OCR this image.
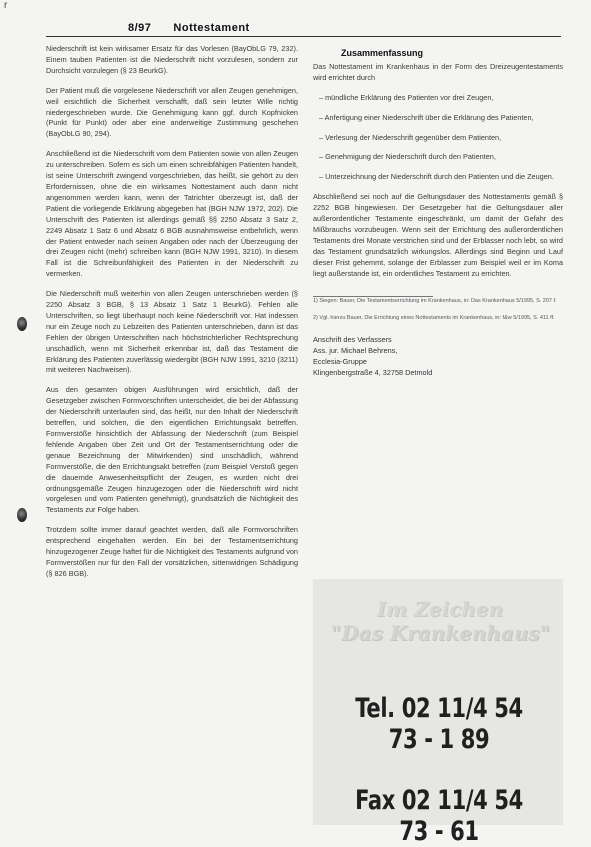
r
8/97 Nottestament

Niederschrift ist kein wirksamer Ersatz für das Vorlesen (BayObLG 79, 232). Einem tauben Patienten ist die Niederschrift nicht vorzulesen, sondern zur Durchsicht vorzulegen (§ 23 BeurkG).

Der Patient muß die vorgelesene Niederschrift vor allen Zeugen genehmigen, weil ersichtlich die Sicherheit verschafft, daß sein letzter Wille richtig niedergeschrieben wurde. Die Genehmigung kann ggf. durch Kopfnicken (Punkt für Punkt) oder aber eine anderweitige Zustimmung geschehen (BayObLG 90, 294).

Anschließend ist die Niederschrift vom dem Patienten sowie von allen Zeugen zu unterschreiben. Sofern es sich um einen schreibfähigen Patienten handelt, ist seine Unterschrift zwingend vorgeschrieben, das heißt, sie gehört zu den Erfordernissen, ohne die ein wirksames Nottestament auch dann nicht angenommen werden kann, wenn der Tatrichter überzeugt ist, daß der Patient die vorliegende Erklärung abgegeben hat (BGH NJW 1972, 202). Die Unterschrift des Patienten ist allerdings gemäß §§ 2250 Absatz 3 Satz 2, 2249 Absatz 1 Satz 6 und Absatz 6 BGB ausnahmsweise entbehrlich, wenn der Patient entweder nach seinen Angaben oder nach der Überzeugung der drei Zeugen nicht (mehr) schreiben kann (BGH NJW 1991, 3210). In diesem Fall ist die Schreibunfähigkeit des Patienten in der Niederschrift zu vermerken.

Die Niederschrift muß weiterhin von allen Zeugen unterschrieben werden (§ 2250 Absatz 3 BGB, § 13 Absatz 1 Satz 1 BeurkG). Fehlen alle Unterschriften, so liegt überhaupt noch keine Niederschrift vor. Hat indessen nur ein Zeuge noch zu Lebzeiten des Patienten unterschrieben, dann ist das Fehlen der übrigen Unterschriften nach höchstrichterlicher Rechtsprechung unschädlich, wenn mit Sicherheit erkennbar ist, daß das Testament die Erklärung des Patienten zuverlässig wiedergibt (BGH NJW 1991, 3210 (3211) mit weiteren Nachweisen).

Aus den gesamten obigen Ausführungen wird ersichtlich, daß der Gesetzgeber zwischen Formvorschriften unterscheidet, die bei der Abfassung der Niederschrift unterlaufen sind, das heißt, nur den Inhalt der Niederschrift betreffen, und solchen, die den eigentlichen Errichtungsakt betreffen. Formverstöße hinsichtlich der Abfassung der Niederschrift (zum Beispiel fehlende Angaben über Zeit und Ort der Testamentserrichtung oder die genaue Bezeichnung der Mitwirkenden) sind unschädlich, während Formverstöße, die den Errichtungsakt betreffen (zum Beispiel Verstoß gegen die dauernde Anwesenheitspflicht der Zeugen, es wurden nicht drei ordnungsgemäße Zeugen hinzugezogen oder die Niederschrift wird nicht vorgelesen und vom Patienten genehmigt), grundsätzlich die Nichtigkeit des Testaments zur Folge haben.

Trotzdem sollte immer darauf geachtet werden, daß alle Formvorschriften entsprechend eingehalten werden. Ein bei der Testamentserrichtung hinzugezogener Zeuge haftet für die Nichtigkeit des Testaments aufgrund von Formverstößen nur für den Fall der vorsätzlichen, sittenwidrigen Schädigung (§ 826 BGB).

Zusammenfassung

Das Nottestament im Krankenhaus in der Form des Dreizeugentestaments wird errichtet durch

– mündliche Erklärung des Patienten vor drei Zeugen,

– Anfertigung einer Niederschrift über die Erklärung des Patienten,

– Verlesung der Niederschrift gegenüber dem Patienten,

– Genehmigung der Niederschrift durch den Patienten,

– Unterzeichnung der Niederschrift durch den Patienten und die Zeugen.

Abschließend sei noch auf die Geltungsdauer des Nottestaments gemäß § 2252 BGB hingewiesen. Der Gesetzgeber hat die Geltungsdauer aller außerordentlicher Testamente eingeschränkt, um damit der Gefahr des Mißbrauchs vorzubeugen. Wenn seit der Errichtung des außerordentlichen Testaments drei Monate verstrichen sind und der Erblasser noch lebt, so wird das Testament grundsätzlich wirkungslos. Allerdings sind Beginn und Lauf dieser Frist gehemmt, solange der Erblasser zum Beispiel weil er im Koma liegt außerstande ist, ein ordentliches Testament zu errichten.

1) Siegen: Bauer, Die Testamentserrichtung im Krankenhaus, in: Das Krankenhaus 5/1995, S. 207 f.

2) Vgl. hierzu Bauer, Die Errichtung eines Nottestaments im Krankenhaus, in: f&w 5/1995, S. 411 ff.

Anschrift des Verfassers
Ass. jur. Michael Behrens,
Ecclesia-Gruppe
Klingenbergstraße 4, 32758 Detmold
Im Zeichen
"Das Krankenhaus"
Tel. 02 11/4 54 73 - 1 89
Fax 02 11/4 54 73 - 61
